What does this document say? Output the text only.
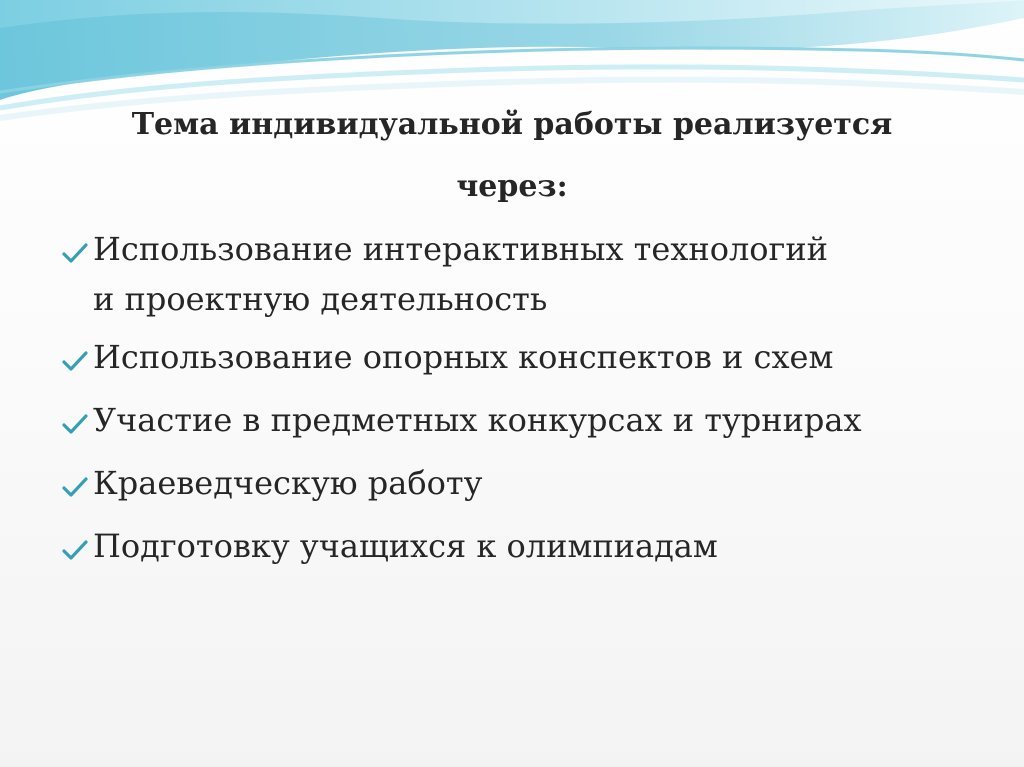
Тема индивидуальной работы реализуется
через:
Использование интерактивных технологий
и проектную деятельность
Использование опорных конспектов и схем
Участие в предметных конкурсах и турнирах
Краеведческую работу
Подготовку учащихся к олимпиадам
